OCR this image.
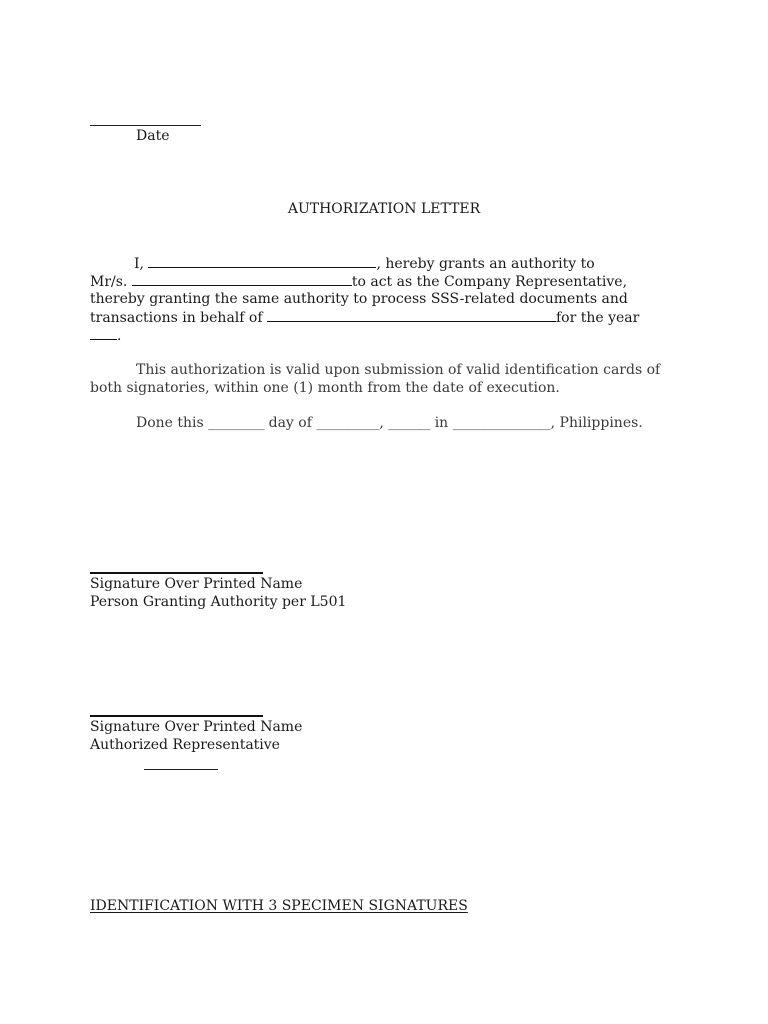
Date
AUTHORIZATION LETTER
I,	, hereby grants an authority to
Mr/s.	to act as the Company Representative,
thereby granting the same authority to process SSS-related documents and
transactions in behalf of	for the year
.
This authorization is valid upon submission of valid identification cards of
both signatories, within one (1) month from the date of execution.
Done this ________ day of _________, ______ in ______________, Philippines.
Signature Over Printed Name
Person Granting Authority per L501
Signature Over Printed Name
Authorized Representative
IDENTIFICATION WITH 3 SPECIMEN SIGNATURES
